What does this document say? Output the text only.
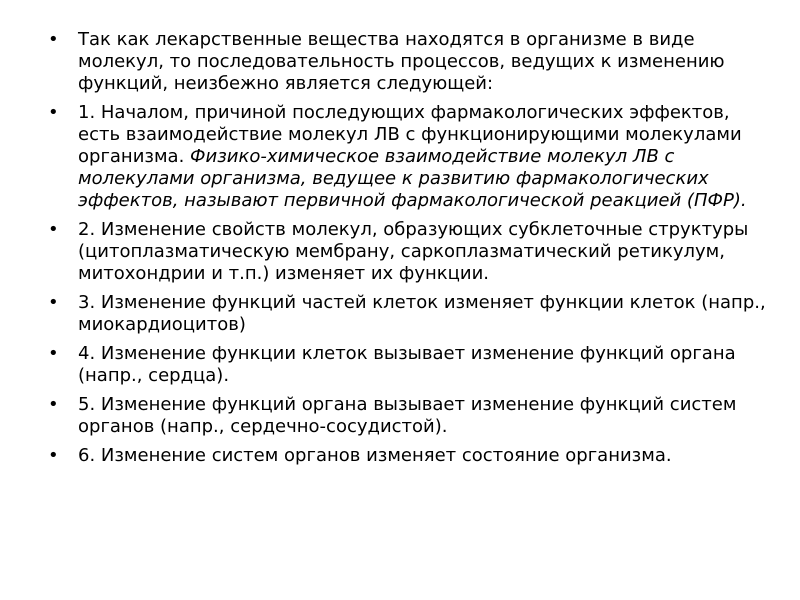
•	Так как лекарственные вещества находятся в организме в виде молекул, то последовательность процессов, ведущих к изменению функций, неизбежно является следующей:
•	1. Началом, причиной последующих фармакологических эффектов, есть взаимодействие молекул ЛВ с функционирующими молекулами организма. Физико-химическое взаимодействие молекул ЛВ с молекулами организма, ведущее к развитию фармакологических эффектов, называют первичной фармакологической реакцией (ПФР).
•	2. Изменение свойств молекул, образующих субклеточные структуры (цитоплазматическую мембрану, саркоплазматический ретикулум, митохондрии и т.п.) изменяет их функции.
•	3. Изменение функций частей клеток изменяет функции клеток (напр., миокардиоцитов)
•	4. Изменение функции клеток вызывает изменение функций органа (напр., сердца).
•	5. Изменение функций органа вызывает изменение функций систем органов (напр., сердечно-сосудистой).
•	6. Изменение систем органов изменяет состояние организма.
